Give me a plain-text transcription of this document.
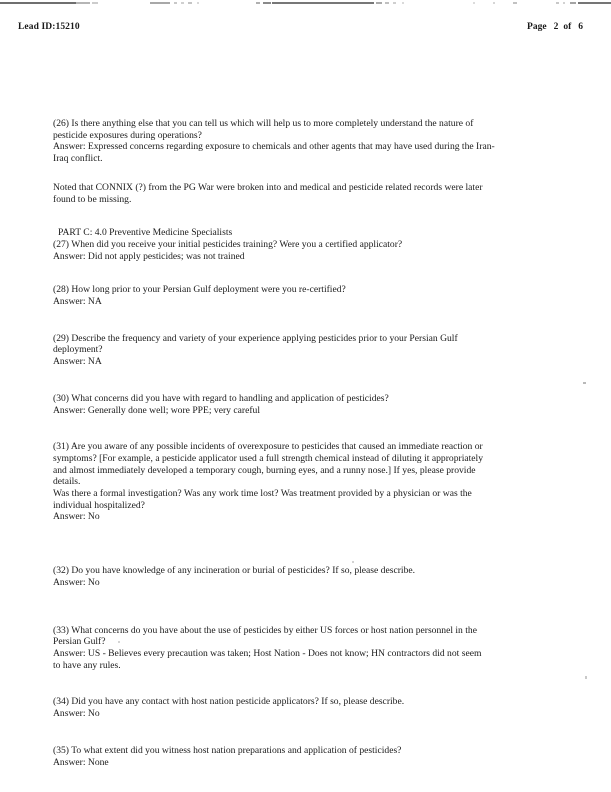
Lead ID:15210	Page 2 of 6
(26) Is there anything else that you can tell us which will help us to more completely understand the nature of
pesticide exposures during operations?
Answer: Expressed concerns regarding exposure to chemicals and other agents that may have used during the Iran-
Iraq conflict.
Noted that CONNIX (?) from the PG War were broken into and medical and pesticide related records were later
found to be missing.
PART C: 4.0 Preventive Medicine Specialists
(27) When did you receive your initial pesticides training? Were you a certified applicator?
Answer: Did not apply pesticides; was not trained
(28) How long prior to your Persian Gulf deployment were you re-certified?
Answer: NA
(29) Describe the frequency and variety of your experience applying pesticides prior to your Persian Gulf
deployment?
Answer: NA
(30) What concerns did you have with regard to handling and application of pesticides?
Answer: Generally done well; wore PPE; very careful
(31) Are you aware of any possible incidents of overexposure to pesticides that caused an immediate reaction or
symptoms? [For example, a pesticide applicator used a full strength chemical instead of diluting it appropriately
and almost immediately developed a temporary cough, burning eyes, and a runny nose.] If yes, please provide
details.
Was there a formal investigation? Was any work time lost? Was treatment provided by a physician or was the
individual hospitalized?
Answer: No
(32) Do you have knowledge of any incineration or burial of pesticides? If so, please describe.
Answer: No
(33) What concerns do you have about the use of pesticides by either US forces or host nation personnel in the
Persian Gulf?
Answer: US - Believes every precaution was taken; Host Nation - Does not know; HN contractors did not seem
to have any rules.
(34) Did you have any contact with host nation pesticide applicators? If so, please describe.
Answer: No
(35) To what extent did you witness host nation preparations and application of pesticides?
Answer: None
